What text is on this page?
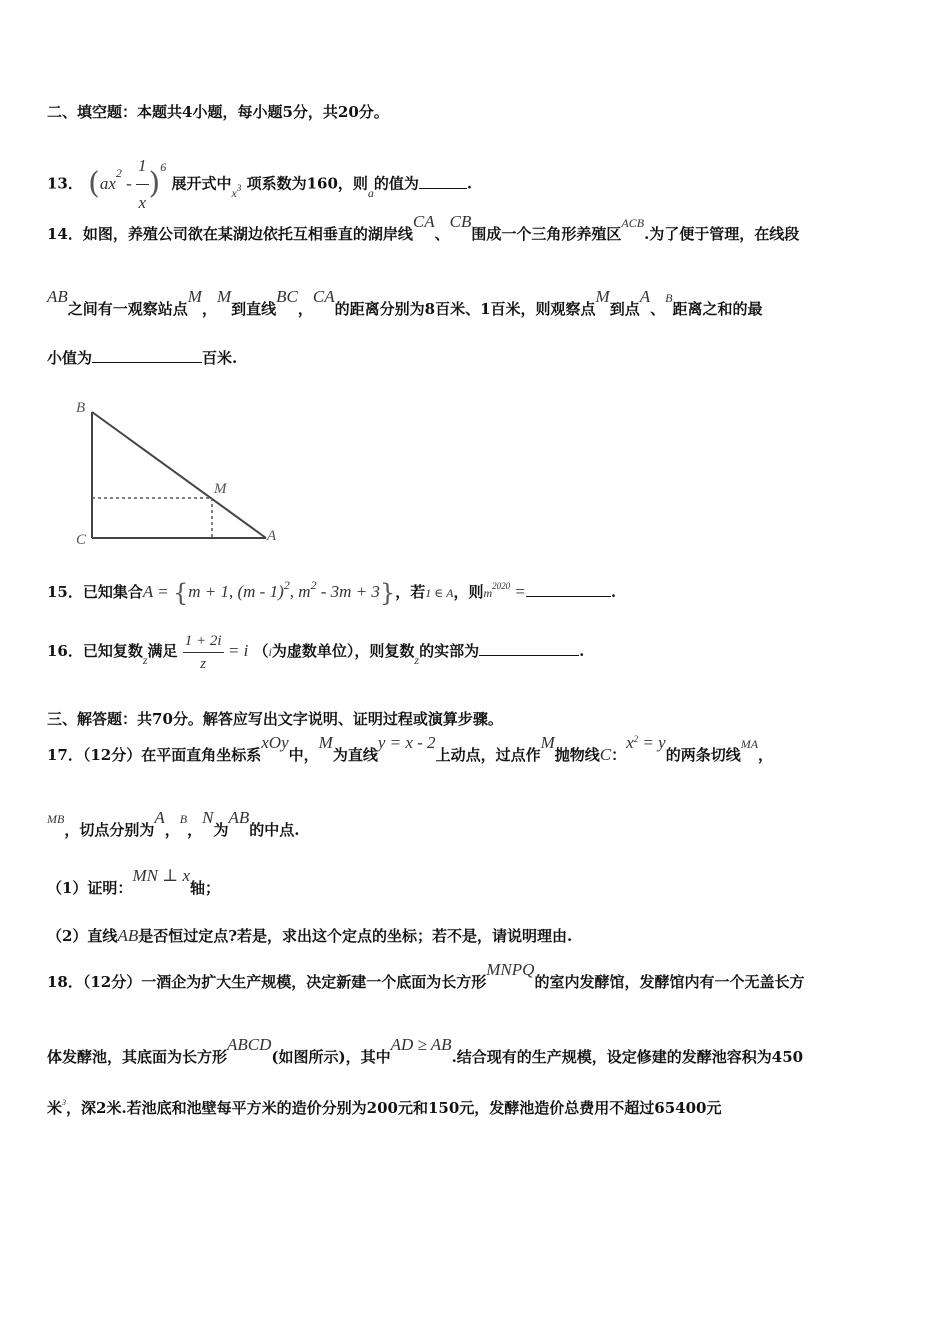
二、填空题：本题共4小题，每小题5分，共20分。
13． $(ax^2 - \frac{1}{x} )^6$ 展开式中$_x$3 项系数为160，则$_a$的值为	.
14．如图，养殖公司欲在某湖边依托互相垂直的湖岸线CA、CB围成一个三角形养殖区$^{ACB}$.为了便于管理，在线段
AB之间有一观察站点M，M到直线BC，CA的距离分别为8百米、1百米，则观察点M到点A、$^B$距离之和的最
小值为	百米.
B
M
C	A
15．已知集合A = {m + 1, (m - 1)$^2$, $m^2 - 3m + 3$}，若1 ∈ A，则$m^{2020}$ =	.
16．已知复数$_z$满足 $\frac{1 + 2i}{z} = i$ （i为虚数单位），则复数$_z$的实部为	.
三、解答题：共70分。解答应写出文字说明、证明过程或演算步骤。
17．（12分）在平面直角坐标系xOy中，M为直线y = x - 2上动点，过点作M抛物线C：$x^2 = y$的两条切线$^{MA}$，
$^{MB}$，切点分别为A，$^B$，N为AB的中点.
（1）证明：MN ⊥ x轴；
（2）直线AB是否恒过定点?若是，求出这个定点的坐标；若不是，请说明理由.
18．（12分）一酒企为扩大生产规模，决定新建一个底面为长方形MNPQ的室内发酵馆，发酵馆内有一个无盖长方
体发酵池，其底面为长方形ABCD(如图所示)，其中AD ≥ AB.结合现有的生产规模，设定修建的发酵池容积为450
米$^3$，深2米.若池底和池壁每平方米的造价分别为200元和150元，发酵池造价总费用不超过65400元
